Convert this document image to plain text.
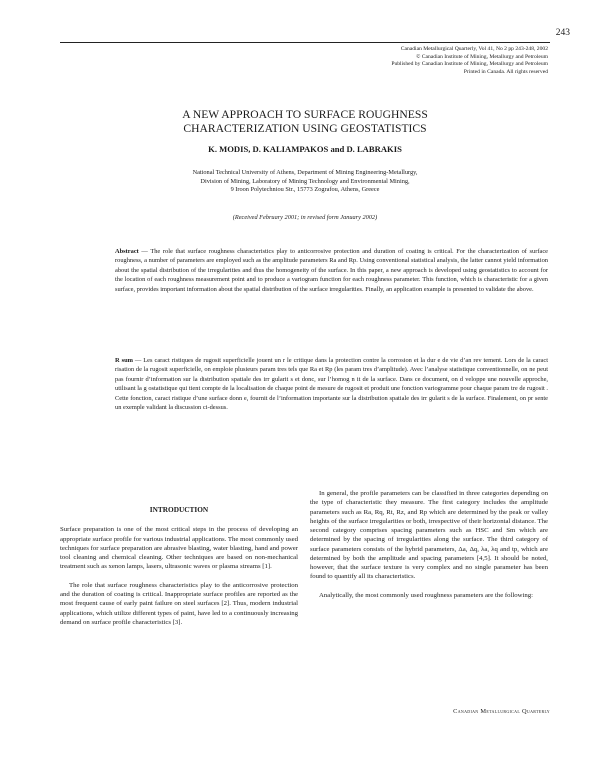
243
Canadian Metallurgical Quarterly, Vol 41, No 2 pp 243-248, 2002
© Canadian Institute of Mining, Metallurgy and Petroleum
Published by Canadian Institute of Mining, Metallurgy and Petroleum
Printed in Canada. All rights reserved
A NEW APPROACH TO SURFACE ROUGHNESS
CHARACTERIZATION USING GEOSTATISTICS
K. MODIS, D. KALIAMPAKOS and D. LABRAKIS
National Technical University of Athens, Department of Mining Engineering-Metallurgy,
Division of Mining, Laboratory of Mining Technology and Environmental Mining,
9 Iroon Polytechniou Str., 15773 Zografou, Athens, Greece
(Received February 2001; in revised form January 2002)
Abstract — The role that surface roughness characteristics play to anticorrosive protection and duration of coating is critical. For the characterization of surface roughness, a number of parameters are employed such as the amplitude parameters Ra and Rp. Using conventional statistical analysis, the latter cannot yield information about the spatial distribution of the irregularities and thus the homogeneity of the surface. In this paper, a new approach is developed using geostatistics to account for the location of each roughness measurement point and to produce a variogram function for each roughness parameter. This function, which is characteristic for a given surface, provides important information about the spatial distribution of the surface irregularities. Finally, an application example is presented to validate the above.
R sum — Les caract ristiques de rugosit superficielle jouent un r le critique dans la protection contre la corrosion et la dur e de vie d’an rev tement. Lors de la caract risation de la rugosit superficielle, on emploie plusieurs param tres tels que Ra et Rp (les param tres d’amplitude). Avec l’analyse statistique conventionnelle, on ne peut pas fournir d’information sur la distribution spatiale des irr gularit s et donc, sur l’homog n it de la surface. Dans ce document, on d veloppe une nouvelle approche, utilisant la g ostatistique qui tient compte de la localisation de chaque point de mesure de rugosit et produit une fonction variogramme pour chaque param tre de rugosit . Cette fonction, caract ristique d’une surface donn e, fournit de l’information importante sur la distribution spatiale des irr gularit s de la surface. Finalement, on pr sente un exemple validant la discussion ci-dessus.
INTRODUCTION

Surface preparation is one of the most critical steps in the process of developing an appropriate surface profile for various industrial applications. The most commonly used techniques for surface preparation are abrasive blasting, water blasting, hand and power tool cleaning and chemical cleaning. Other techniques are based on non-mechanical treatment such as xenon lamps, lasers, ultrasonic waves or plasma streams [1].

The role that surface roughness characteristics play to the anticorrosive protection and the duration of coating is critical. Inappropriate surface profiles are reported as the most frequent cause of early paint failure on steel surfaces [2]. Thus, modern industrial applications, which utilize different types of paint, have led to a continuously increasing demand on surface profile characteristics [3].

In general, the profile parameters can be classified in three categories depending on the type of characteristic they measure. The first category includes the amplitude parameters such as Ra, Rq, Rt, Rz, and Rp which are determined by the peak or valley heights of the surface irregularities or both, irrespective of their horizontal distance. The second category comprises spacing parameters such as HSC and Sm which are determined by the spacing of irregularities along the surface. The third category of surface parameters consists of the hybrid parameters, Δa, Δq, λa, λq and tp, which are determined by both the amplitude and spacing parameters [4,5]. It should be noted, however, that the surface texture is very complex and no single parameter has been found to quantify all its characteristics.

Analytically, the most commonly used roughness parameters are the following:

Canadian Metallurgical Quarterly
